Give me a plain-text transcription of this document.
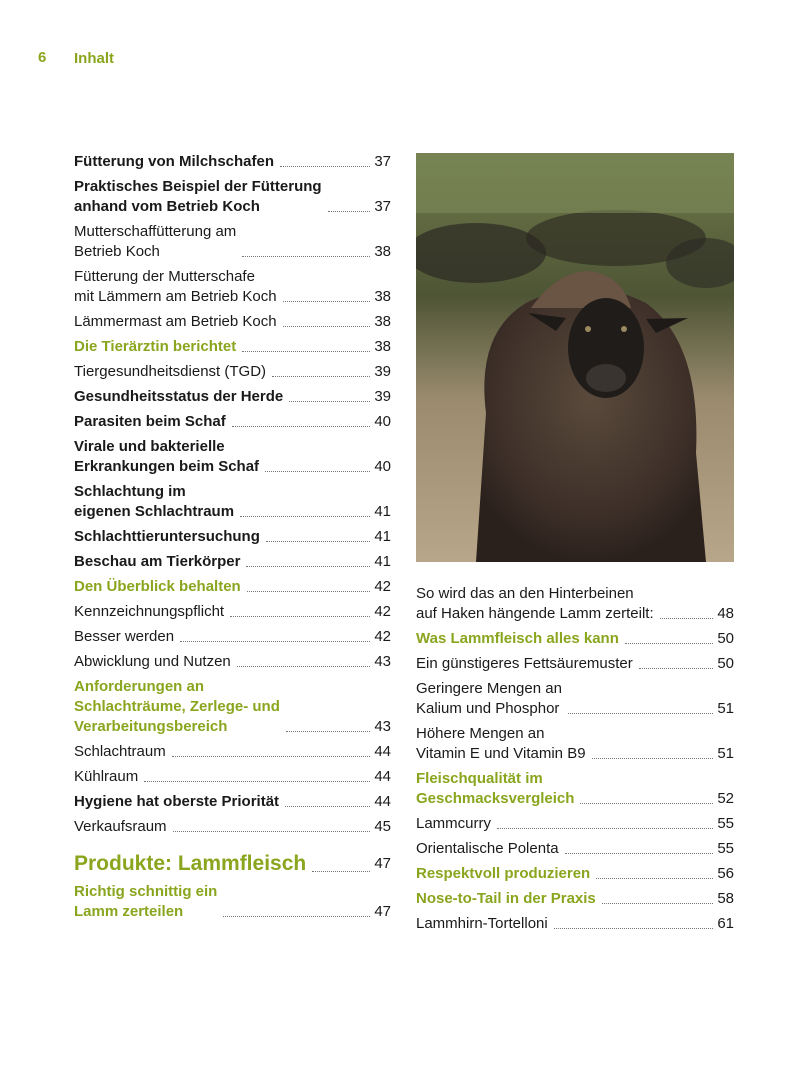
6 Inhalt
Fütterung von Milchschafen	37
Praktisches Beispiel der Fütterung
anhand vom Betrieb Koch	37
Mutterschaffütterung am
Betrieb Koch	38
Fütterung der Mutterschafe
mit Lämmern am Betrieb Koch	38
Lämmermast am Betrieb Koch	38
Die Tierärztin berichtet	38
Tiergesundheitsdienst (TGD)	39
Gesundheitsstatus der Herde	39
Parasiten beim Schaf	40
Virale und bakterielle
Erkrankungen beim Schaf	40
Schlachtung im
eigenen Schlachtraum	41
Schlachttieruntersuchung	41
Beschau am Tierkörper	41
Den Überblick behalten	42
Kennzeichnungspflicht	42
Besser werden	42
Abwicklung und Nutzen	43
Anforderungen an
Schlachträume, Zerlege- und
Verarbeitungsbereich	43
Schlachtraum	44
Kühlraum	44
Hygiene hat oberste Priorität	44
Verkaufsraum	45
Produkte: Lammfleisch	47
Richtig schnittig ein
Lamm zerteilen	47
So wird das an den Hinterbeinen
auf Haken hängende Lamm zerteilt:	48
Was Lammfleisch alles kann	50
Ein günstigeres Fettsäuremuster	50
Geringere Mengen an
Kalium und Phosphor	51
Höhere Mengen an
Vitamin E und Vitamin B9	51
Fleischqualität im
Geschmacksvergleich	52
Lammcurry	55
Orientalische Polenta	55
Respektvoll produzieren	56
Nose-to-Tail in der Praxis	58
Lammhirn-Tortelloni	61
